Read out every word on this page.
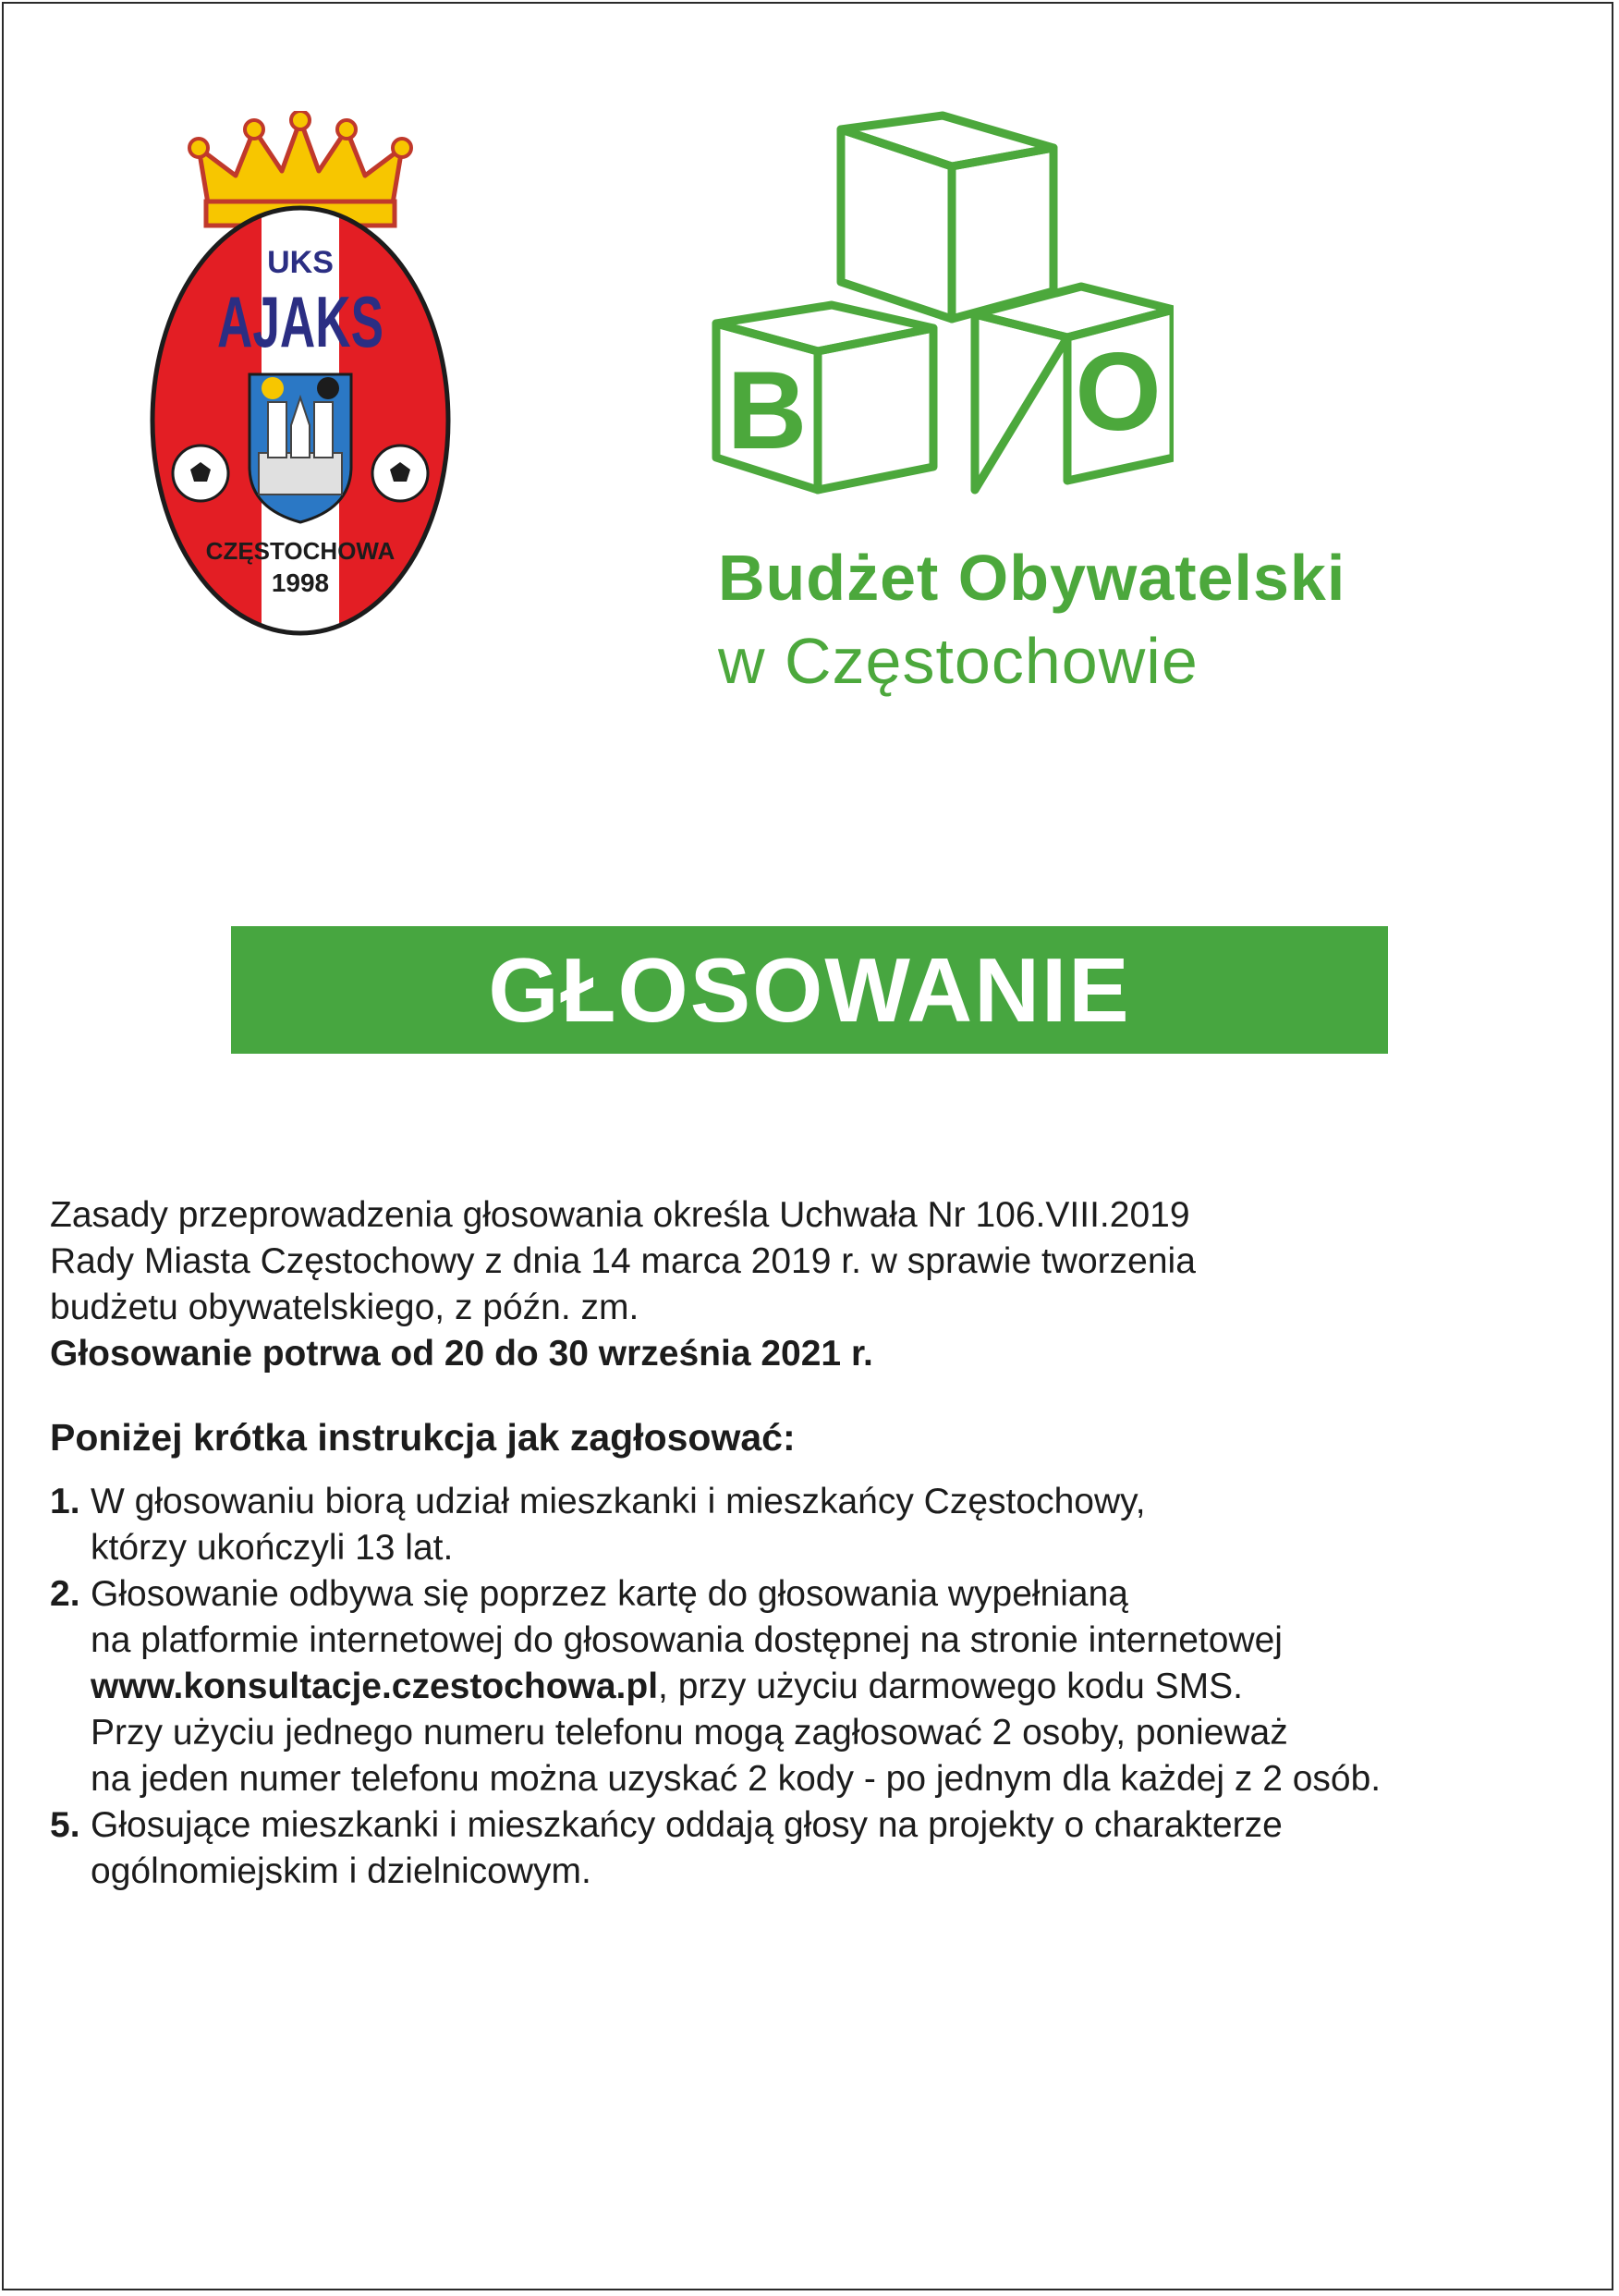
UKS
AJAKS
CZĘSTOCHOWA
1998
B O
Budżet Obywatelski
w Częstochowie
GŁOSOWANIE

Zasady przeprowadzenia głosowania określa Uchwała Nr 106.VIII.2019

Rady Miasta Częstochowy z dnia 14 marca 2019 r. w sprawie tworzenia

budżetu obywatelskiego, z późn. zm.

Głosowanie potrwa od 20 do 30 września 2021 r.

Poniżej krótka instrukcja jak zagłosować:
1. W głosowaniu biorą udział mieszkanki i mieszkańcy Częstochowy,
którzy ukończyli 13 lat.
2. Głosowanie odbywa się poprzez kartę do głosowania wypełnianą
na platformie internetowej do głosowania dostępnej na stronie internetowej
www.konsultacje.czestochowa.pl, przy użyciu darmowego kodu SMS.
Przy użyciu jednego numeru telefonu mogą zagłosować 2 osoby, ponieważ
na jeden numer telefonu można uzyskać 2 kody - po jednym dla każdej z 2 osób.
5. Głosujące mieszkanki i mieszkańcy oddają głosy na projekty o charakterze
ogólnomiejskim i dzielnicowym.
